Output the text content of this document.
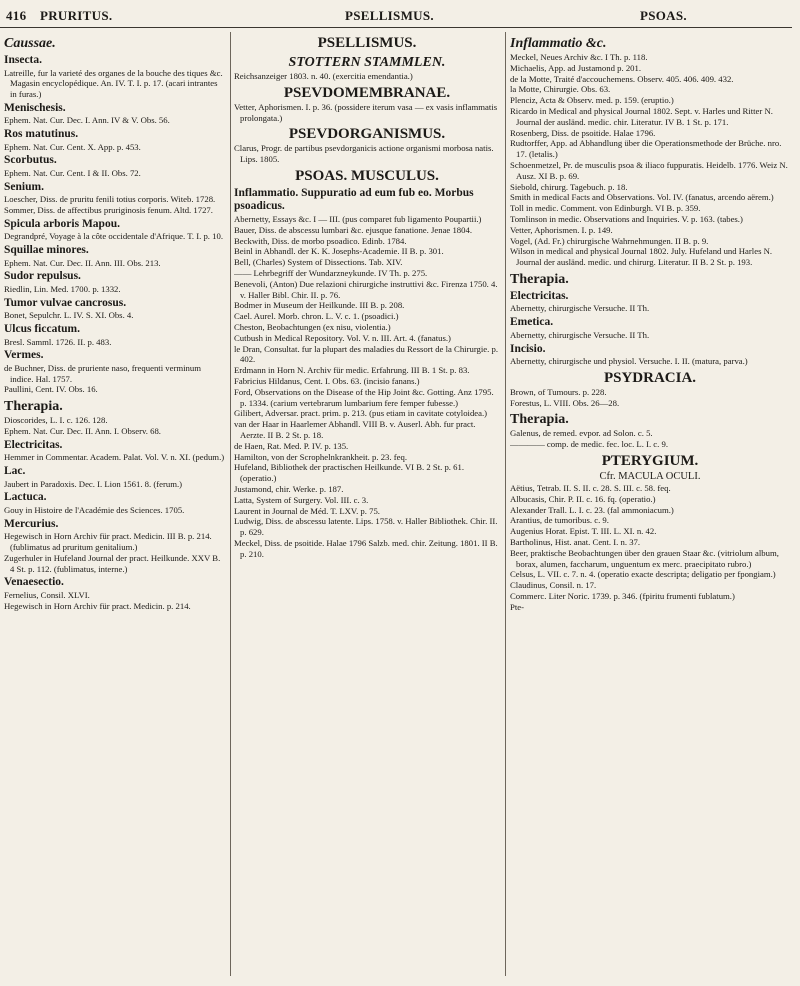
416 PRURITUS.	PSELLISMUS.	PSOAS.
Caussae.
Insecta.
Latreille, fur la varieté des organes de la bouche des tiques &c. Magasin encyclopédique. An. IV. T. I. p. 17. (acari intrantes in furas.)
Menischesis.
Ephem. Nat. Cur. Dec. I. Ann. IV & V. Obs. 56.
Ros matutinus.
Ephem. Nat. Cur. Cent. X. App. p. 453.
Scorbutus.
Ephem. Nat. Cur. Cent. I & II. Obs. 72.
Senium.
Loescher, Diss. de pruritu fenili totius corporis. Witeb. 1728.
Sommer, Diss. de affectibus pruriginosis fenum. Altd. 1727.
Spicula arboris Mapou.
Degrandpré, Voyage à la côte occidentale d'Afrique. T. I. p. 10.
Squillae minores.
Ephem. Nat. Cur. Dec. II. Ann. III. Obs. 213.
Sudor repulsus.
Riedlin, Lin. Med. 1700. p. 1332.
Tumor vulvae cancrosus.
Bonet, Sepulchr. L. IV. S. XI. Obs. 4.
Ulcus ficcatum.
Bresl. Samml. 1726. II. p. 483.
Vermes.
de Buchner, Diss. de pruriente naso, frequenti verminum indice. Hal. 1757.
Paullini, Cent. IV. Obs. 16.
Therapia.
Dioscorides, L. I. c. 126. 128.
Ephem. Nat. Cur. Dec. II. Ann. I. Observ. 68.
Electricitas.
Hemmer in Commentar. Academ. Palat. Vol. V. n. XI. (pedum.)
Lac.
Jaubert in Paradoxis. Dec. I. Lion 1561. 8. (ferum.)
Lactuca.
Gouy in Histoire de l'Académie des Sciences. 1705.
Mercurius.
Hegewisch in Horn Archiv für pract. Medicin. III B. p. 214. (fublimatus ad pruritum genitalium.)
Zugerhuler in Hufeland Journal der pract. Heilkunde. XXV B. 4 St. p. 112. (fublimatus, interne.)
Venaesectio.
Fernelius, Consil. XLVI.
Hegewisch in Horn Archiv für pract. Medicin. p. 214.
PSELLISMUS.
STOTTERN STAMMLEN.
Reichsanzeiger 1803. n. 40. (exercitia emendantia.)
PSEVDOMEMBRANAE.
Vetter, Aphorismen. I. p. 36. (possidere iterum vasa — ex vasis inflammatis prolongata.)
PSEVDORGANISMUS.
Clarus, Progr. de partibus psevdorganicis actione organismi morbosa natis. Lips. 1805.
PSOAS. MUSCULUS.
Inflammatio. Suppuratio ad eum fub eo. Morbus psoadicus.
Abernetty, Essays &c. I — III. (pus comparet fub ligamento Poupartii.)
Bauer, Diss. de abscessu lumbari &c. ejusque fanatione. Jenae 1804.
Beckwith, Diss. de morbo psoadico. Edinb. 1784.
Beinl in Abhandl. der K. K. Josephs-Academie. II B. p. 301.
Bell, (Charles) System of Dissections. Tab. XIV.
—— Lehrbegriff der Wundarzneykunde. IV Th. p. 275.
Benevoli, (Anton) Due relazioni chirurgiche instruttivi &c. Firenza 1750. 4. v. Haller Bibl. Chir. II. p. 76.
Bodmer in Museum der Heilkunde. III B. p. 208.
Cael. Aurel. Morb. chron. L. V. c. 1. (psoadici.)
Cheston, Beobachtungen (ex nisu, violentia.)
Cutbush in Medical Repository. Vol. V. n. III. Art. 4. (fanatus.)
le Dran, Consultat. fur la plupart des maladies du Ressort de la Chirurgie. p. 402.
Erdmann in Horn N. Archiv für medic. Erfahrung. III B. 1 St. p. 83.
Fabricius Hildanus, Cent. I. Obs. 63. (incisio fanans.)
Ford, Observations on the Disease of the Hip Joint &c. Gotting. Anz 1795. p. 1334. (carium vertebrarum lumbarium fere femper fubesse.)
Gilibert, Adversar. pract. prim. p. 213. (pus etiam in cavitate cotyloidea.)
van der Haar in Haarlemer Abhandl. VIII B. v. Auserl. Abh. fur pract. Aerzte. II B. 2 St. p. 18.
de Haen, Rat. Med. P. IV. p. 135.
Hamilton, von der Scrophelnkrankheit. p. 23. feq.
Hufeland, Bibliothek der practischen Heilkunde. VI B. 2 St. p. 61. (operatio.)
Justamond, chir. Werke. p. 187.
Latta, System of Surgery. Vol. III. c. 3.
Laurent in Journal de Méd. T. LXV. p. 75.
Ludwig, Diss. de abscessu latente. Lips. 1758. v. Haller Bibliothek. Chir. II. p. 629.
Meckel, Diss. de psoitide. Halae 1796 Salzb. med. chir. Zeitung. 1801. II B. p. 210.
Inflammatio &c.
Meckel, Neues Archiv &c. I Th. p. 118.
Michaelis, App. ad Justamond p. 201.
de la Motte, Traité d'accouchemens. Observ. 405. 406. 409. 432.
la Motte, Chirurgie. Obs. 63.
Plenciz, Acta & Observ. med. p. 159. (eruptio.)
Ricardo in Medical and physical Journal 1802. Sept. v. Harles und Ritter N. Journal der ausländ. medic. chir. Literatur. IV B. 1 St. p. 171.
Rosenberg, Diss. de psoitide. Halae 1796.
Rudtorffer, App. ad Abhandlung über die Operationsmethode der Brüche. nro. 17. (letalis.)
Schoenmetzel, Pr. de musculis psoa & iliaco fuppuratis. Heidelb. 1776. Weiz N. Ausz. XI B. p. 69.
Siebold, chirurg. Tagebuch. p. 18.
Smith in medical Facts and Observations. Vol. IV. (fanatus, arcendo aërem.)
Toll in medic. Comment. von Edinburgh. VI B. p. 359.
Tomlinson in medic. Observations and Inquiries. V. p. 163. (tabes.)
Vetter, Aphorismen. I. p. 149.
Vogel, (Ad. Fr.) chirurgische Wahrnehmungen. II B. p. 9.
Wilson in medical and physical Journal 1802. July. Hufeland und Harles N. Journal der ausländ. medic. und chirurg. Literatur. II B. 2 St. p. 193.
Therapia.
Electricitas.
Abernetty, chirurgische Versuche. II Th.
Emetica.
Abernetty, chirurgische Versuche. II Th.
Incisio.
Abernetty, chirurgische und physiol. Versuche. I. II. (matura, parva.)
PSYDRACIA.
Brown, of Tumours. p. 228.
Forestus, L. VIII. Obs. 26—28.
Therapia.
Galenus, de remed. evpor. ad Solon. c. 5.
———— comp. de medic. fec. loc. L. I. c. 9.
PTERYGIUM.
Cfr. MACULA OCULI.
Aëtius, Tetrab. II. S. II. c. 28. S. III. c. 58. feq.
Albucasis, Chir. P. II. c. 16. fq. (operatio.)
Alexander Trall. L. I. c. 23. (fal ammoniacum.)
Arantius, de tumoribus. c. 9.
Augenius Horat. Epist. T. III. L. XI. n. 42.
Bartholinus, Hist. anat. Cent. I. n. 37.
Beer, praktische Beobachtungen über den grauen Staar &c. (vitriolum album, borax, alumen, faccharum, unguentum ex merc. praecipitato rubro.)
Celsus, L. VII. c. 7. n. 4. (operatio exacte descripta; deligatio per fpongiam.)
Claudinus, Consil. n. 17.
Commerc. Liter Noric. 1739. p. 346. (fpiritu frumenti fublatum.)
Pte-
